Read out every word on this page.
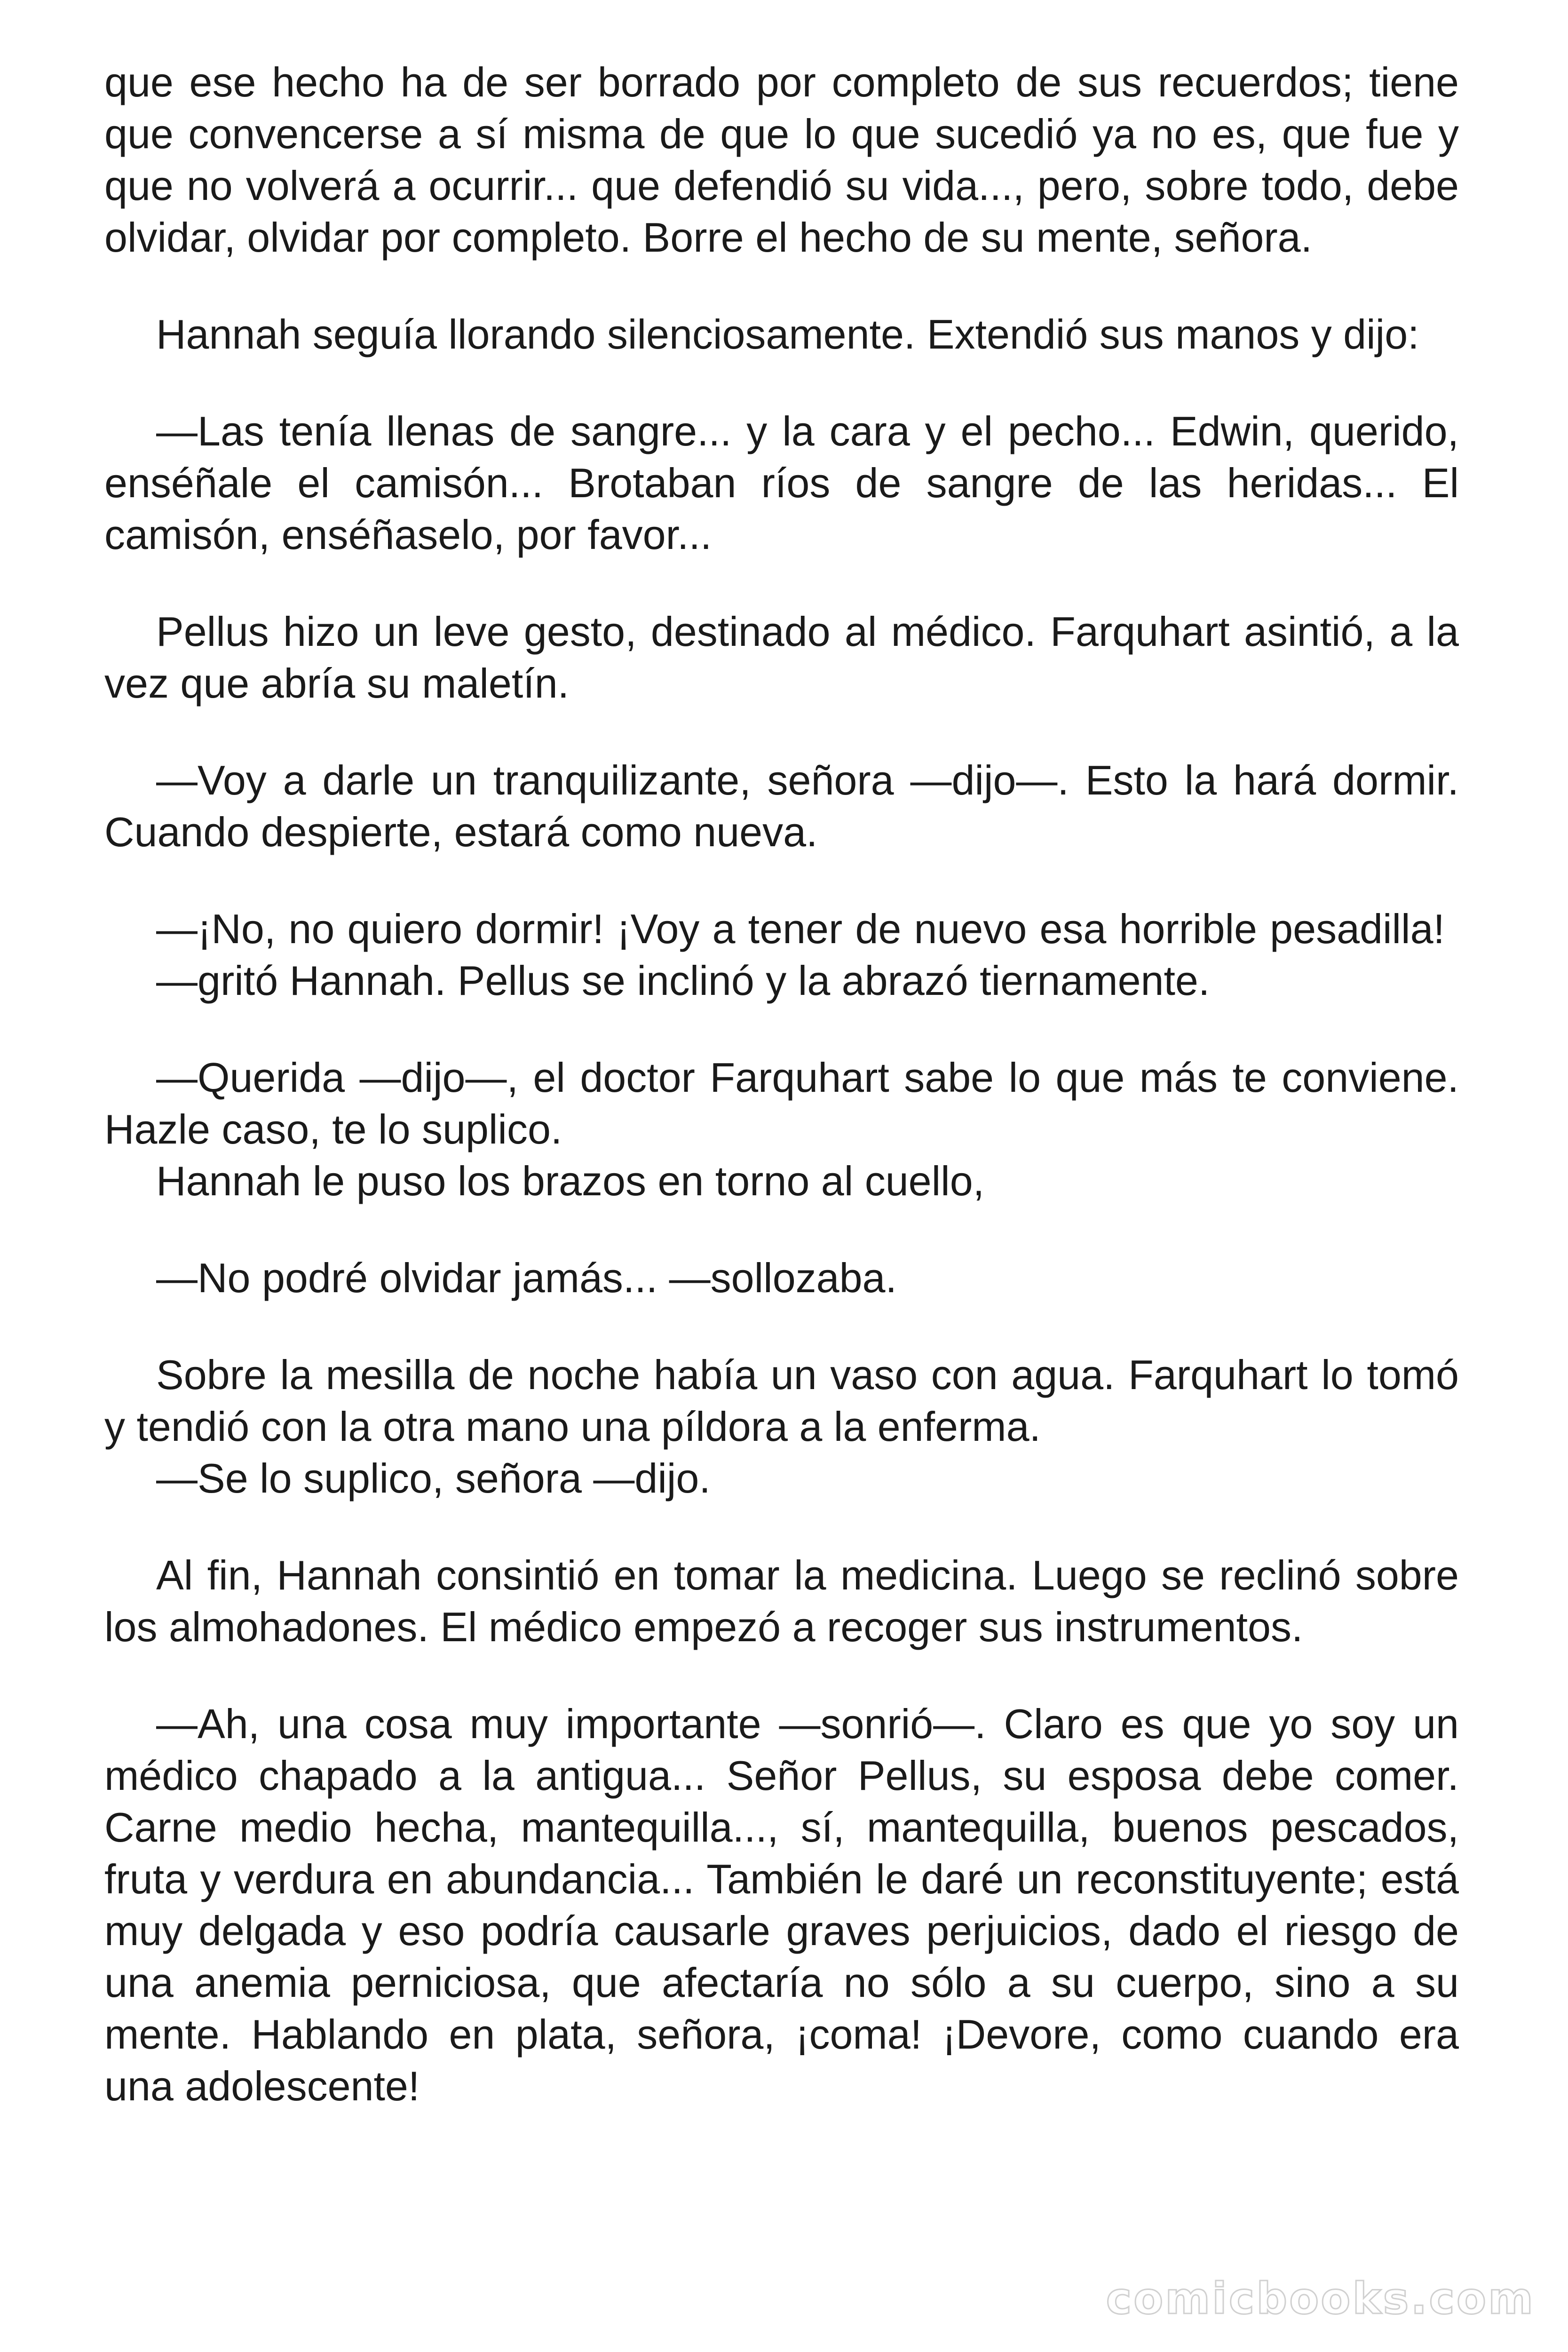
que ese hecho ha de ser borrado por completo de sus recuerdos; tiene que convencerse a sí misma de que lo que sucedió ya no es, que fue y que no volverá a ocurrir... que defendió su vida..., pero, sobre todo, debe olvidar, olvidar por completo. Borre el hecho de su mente, señora.

Hannah seguía llorando silenciosamente. Extendió sus manos y dijo:

—Las tenía llenas de sangre... y la cara y el pecho... Edwin, querido, enséñale el camisón... Brotaban ríos de sangre de las heridas... El camisón, enséñaselo, por favor...

Pellus hizo un leve gesto, destinado al médico. Farquhart asintió, a la vez que abría su maletín.

—Voy a darle un tranquilizante, señora —dijo—. Esto la hará dormir. Cuando despierte, estará como nueva.

—¡No, no quiero dormir! ¡Voy a tener de nuevo esa horrible pesadilla! —gritó Hannah. Pellus se inclinó y la abrazó tiernamente.

—Querida —dijo—, el doctor Farquhart sabe lo que más te conviene. Hazle caso, te lo suplico.

Hannah le puso los brazos en torno al cuello,

—No podré olvidar jamás... —sollozaba.

Sobre la mesilla de noche había un vaso con agua. Farquhart lo tomó y tendió con la otra mano una píldora a la enferma.

—Se lo suplico, señora —dijo.

Al fin, Hannah consintió en tomar la medicina. Luego se reclinó sobre los almohadones. El médico empezó a recoger sus instrumentos.

—Ah, una cosa muy importante —sonrió—. Claro es que yo soy un médico chapado a la antigua... Señor Pellus, su esposa debe comer. Carne medio hecha, mantequilla..., sí, mantequilla, buenos pescados, fruta y verdura en abundancia... También le daré un reconstituyente; está muy delgada y eso podría causarle graves perjuicios, dado el riesgo de una anemia perniciosa, que afectaría no sólo a su cuerpo, sino a su mente. Hablando en plata, señora, ¡coma! ¡Devore, como cuando era una adolescente!

comicbooks.com
